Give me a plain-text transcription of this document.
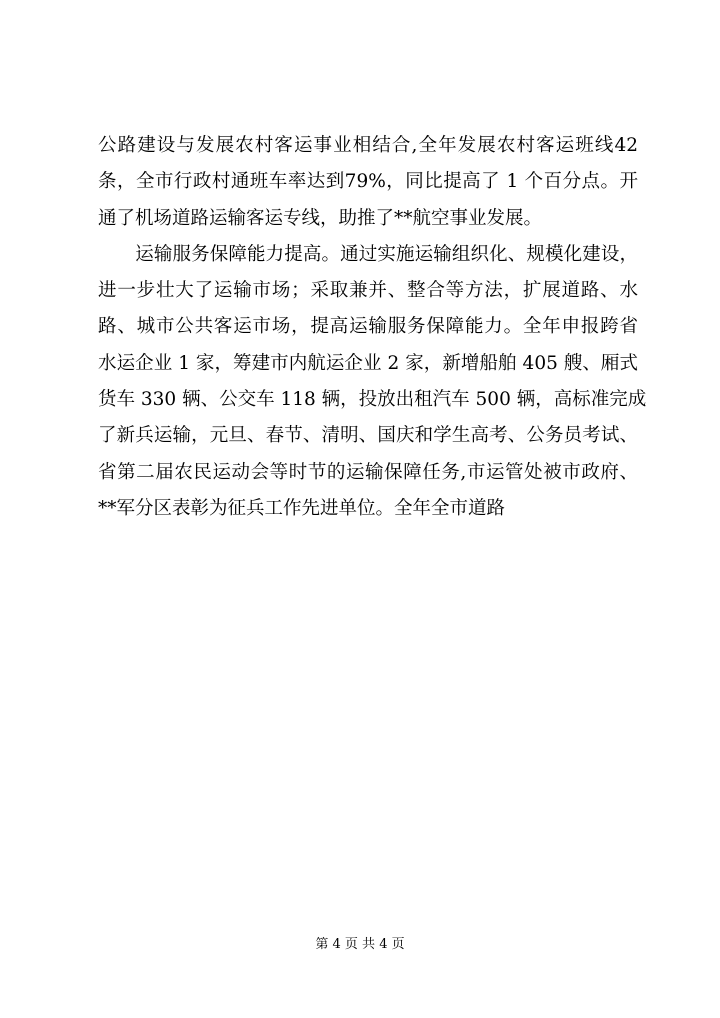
公路建设与发展农村客运事业相结合,全年发展农村客运班线42
条，全市行政村通班车率达到79%，同比提高了 1 个百分点。开
通了机场道路运输客运专线，助推了**航空事业发展。
　　运输服务保障能力提高。通过实施运输组织化、规模化建设，
进一步壮大了运输市场；采取兼并、整合等方法，扩展道路、水
路、城市公共客运市场，提高运输服务保障能力。全年申报跨省
水运企业 1 家，筹建市内航运企业 2 家，新增船舶 405 艘、厢式
货车 330 辆、公交车 118 辆，投放出租汽车 500 辆，高标准完成
了新兵运输，元旦、春节、清明、国庆和学生高考、公务员考试、
省第二届农民运动会等时节的运输保障任务,市运管处被市政府、
**军分区表彰为征兵工作先进单位。全年全市道路
第 4 页 共 4 页
